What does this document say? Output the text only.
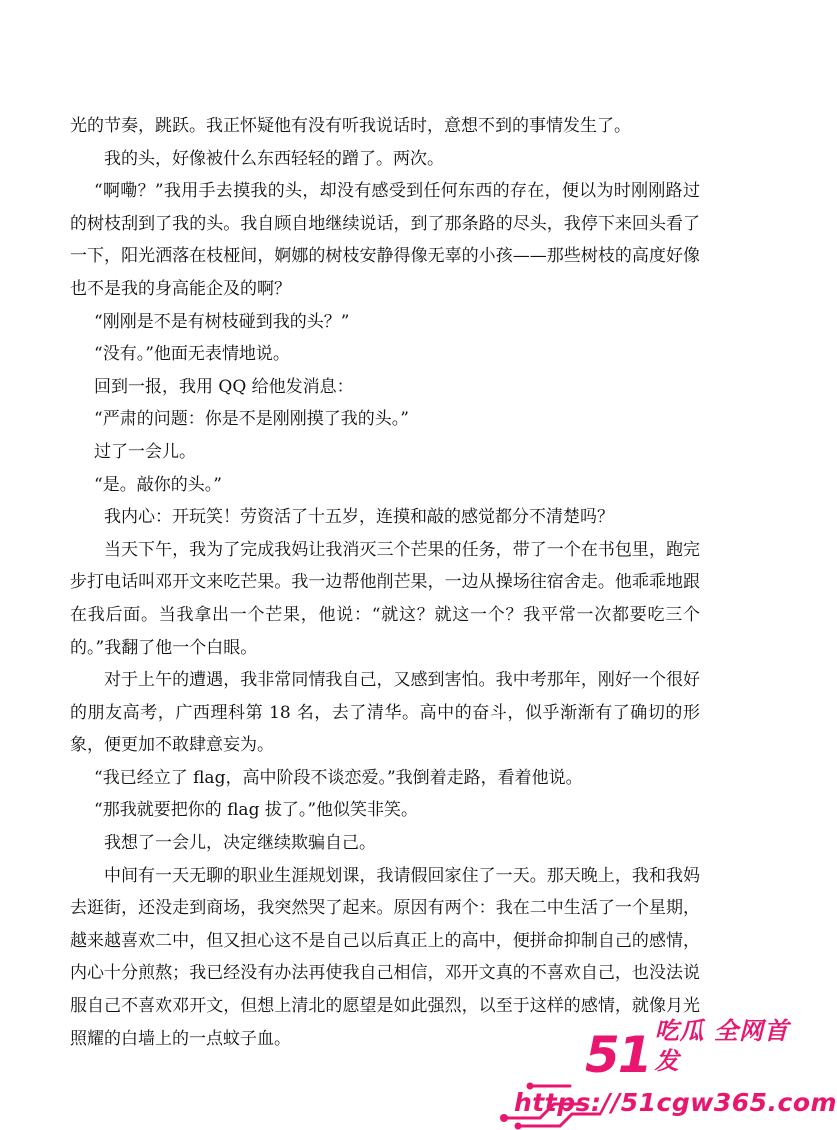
光的节奏，跳跃。我正怀疑他有没有听我说话时，意想不到的事情发生了。

我的头，好像被什么东西轻轻的蹭了。两次。

“啊嘞？”我用手去摸我的头，却没有感受到任何东西的存在，便以为时刚刚路过的树枝刮到了我的头。我自顾自地继续说话，到了那条路的尽头，我停下来回头看了一下，阳光洒落在枝桠间，婀娜的树枝安静得像无辜的小孩——那些树枝的高度好像也不是我的身高能企及的啊？

“刚刚是不是有树枝碰到我的头？”

“没有。”他面无表情地说。

回到一报，我用 QQ 给他发消息：

“严肃的问题：你是不是刚刚摸了我的头。”

过了一会儿。

“是。敲你的头。”

我内心：开玩笑！劳资活了十五岁，连摸和敲的感觉都分不清楚吗？

当天下午，我为了完成我妈让我消灭三个芒果的任务，带了一个在书包里，跑完步打电话叫邓开文来吃芒果。我一边帮他削芒果，一边从操场往宿舍走。他乖乖地跟在我后面。当我拿出一个芒果，他说：“就这？就这一个？我平常一次都要吃三个的。”我翻了他一个白眼。

对于上午的遭遇，我非常同情我自己，又感到害怕。我中考那年，刚好一个很好的朋友高考，广西理科第 18 名，去了清华。高中的奋斗，似乎渐渐有了确切的形象，便更加不敢肆意妄为。

“我已经立了 flag，高中阶段不谈恋爱。”我倒着走路，看着他说。

“那我就要把你的 flag 拔了。”他似笑非笑。

我想了一会儿，决定继续欺骗自己。

中间有一天无聊的职业生涯规划课，我请假回家住了一天。那天晚上，我和我妈去逛街，还没走到商场，我突然哭了起来。原因有两个：我在二中生活了一个星期，越来越喜欢二中，但又担心这不是自己以后真正上的高中，便拼命抑制自己的感情，内心十分煎熬；我已经没有办法再使我自己相信，邓开文真的不喜欢自己，也没法说服自己不喜欢邓开文，但想上清北的愿望是如此强烈，以至于这样的感情，就像月光照耀的白墙上的一点蚊子血。	51 吃瓜 全网首发
https://51cgw365.com
